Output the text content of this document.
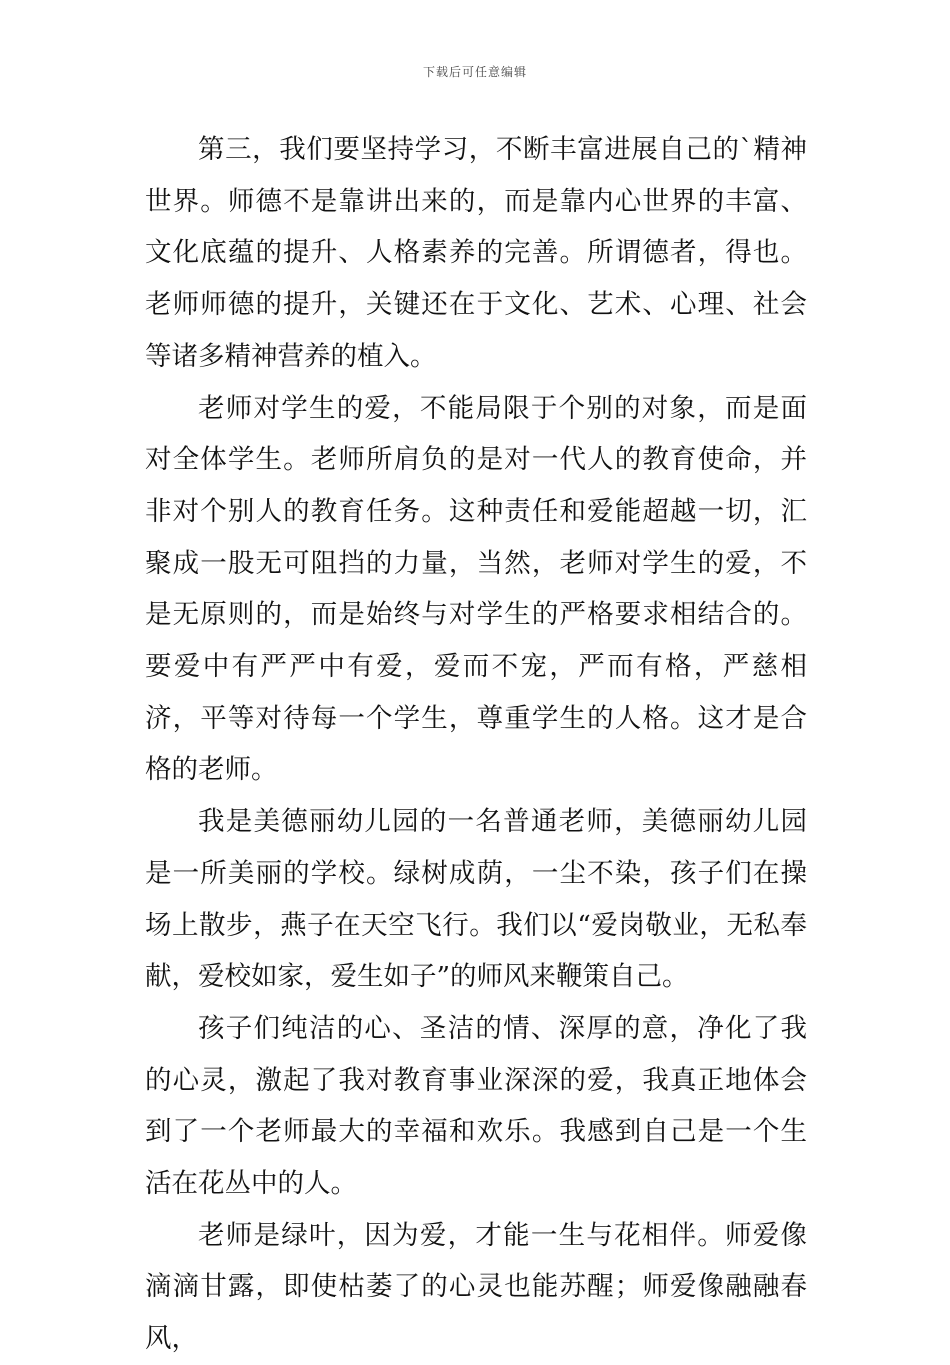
下载后可任意编辑

第三，我们要坚持学习，不断丰富进展自己的`精神世界。师德不是靠讲出来的，而是靠内心世界的丰富、文化底蕴的提升、人格素养的完善。所谓德者，得也。老师师德的提升，关键还在于文化、艺术、心理、社会等诸多精神营养的植入。

老师对学生的爱，不能局限于个别的对象，而是面对全体学生。老师所肩负的是对一代人的教育使命，并非对个别人的教育任务。这种责任和爱能超越一切，汇聚成一股无可阻挡的力量，当然，老师对学生的爱，不是无原则的，而是始终与对学生的严格要求相结合的。要爱中有严严中有爱，爱而不宠，严而有格，严慈相济，平等对待每一个学生，尊重学生的人格。这才是合格的老师。

我是美德丽幼儿园的一名普通老师，美德丽幼儿园是一所美丽的学校。绿树成荫，一尘不染，孩子们在操场上散步，燕子在天空飞行。我们以“爱岗敬业，无私奉献，爱校如家，爱生如子”的师风来鞭策自己。

孩子们纯洁的心、圣洁的情、深厚的意，净化了我的心灵，激起了我对教育事业深深的爱，我真正地体会到了一个老师最大的幸福和欢乐。我感到自己是一个生活在花丛中的人。

老师是绿叶，因为爱，才能一生与花相伴。师爱像滴滴甘露，即使枯萎了的心灵也能苏醒；师爱像融融春风，
